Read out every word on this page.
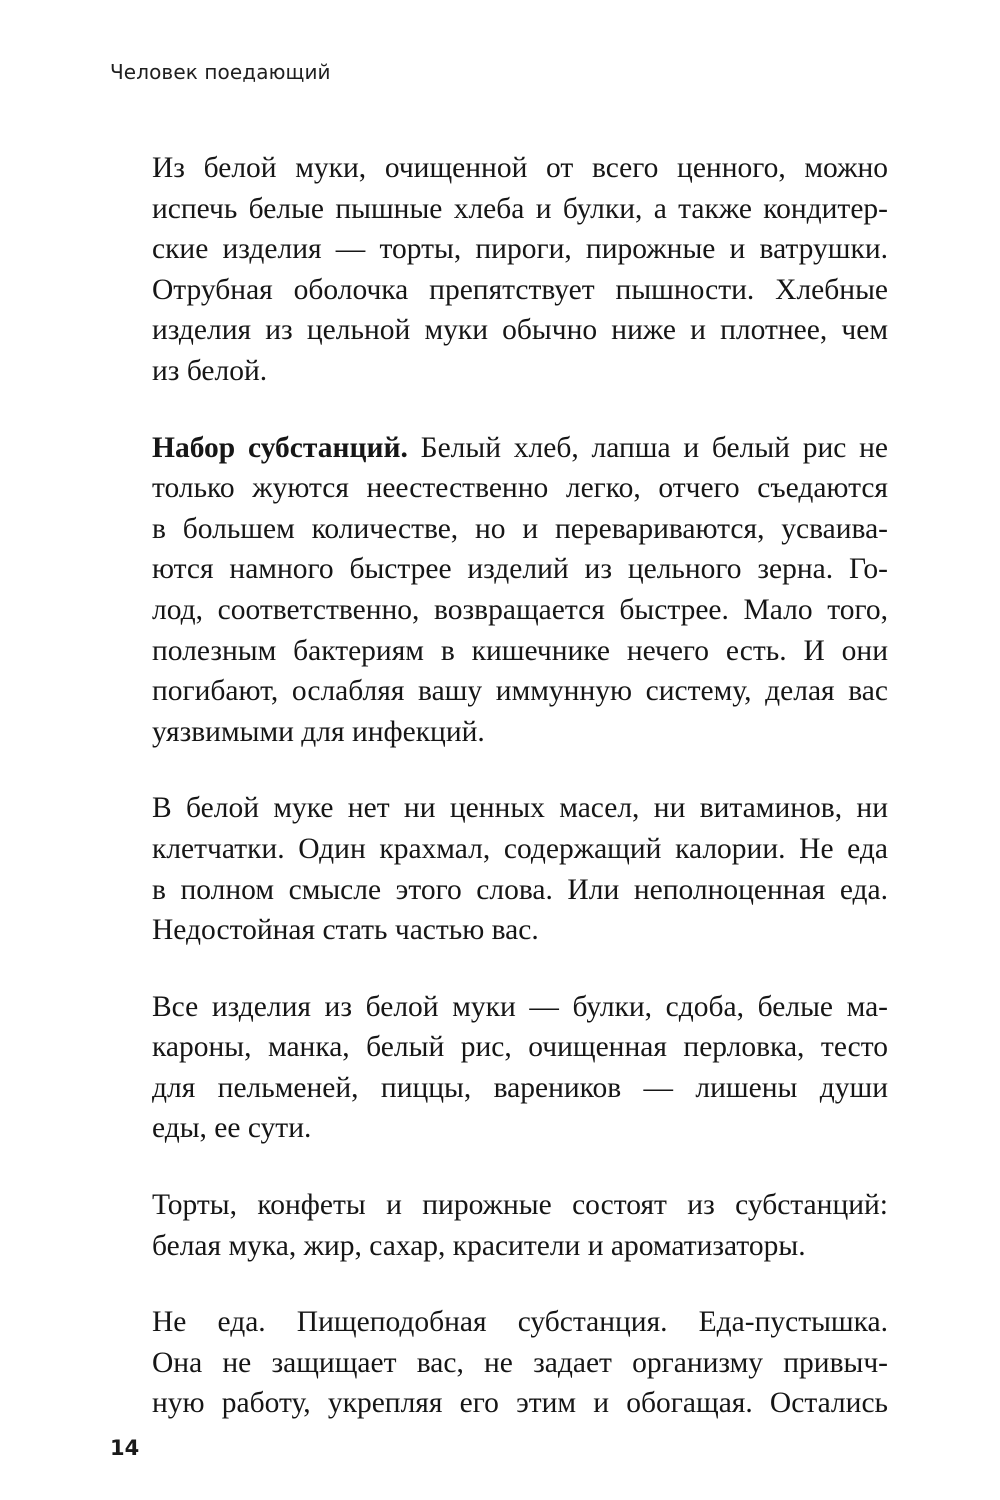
Человек поедающий

Из белой муки, очищенной от всего ценного, можно
испечь белые пышные хлеба и булки, а также кондитер-
ские изделия — торты, пироги, пирожные и ватрушки.
Отрубная оболочка препятствует пышности. Хлебные
изделия из цельной муки обычно ниже и плотнее, чем
из белой.

Набор субстанций. Белый хлеб, лапша и белый рис не
только жуются неестественно легко, отчего съедаются
в большем количестве, но и перевариваются, усваива-
ются намного быстрее изделий из цельного зерна. Го-
лод, соответственно, возвращается быстрее. Мало того,
полезным бактериям в кишечнике нечего есть. И они
погибают, ослабляя вашу иммунную систему, делая вас
уязвимыми для инфекций.

В белой муке нет ни ценных масел, ни витаминов, ни
клетчатки. Один крахмал, содержащий калории. Не еда
в полном смысле этого слова. Или неполноценная еда.
Недостойная стать частью вас.

Все изделия из белой муки — булки, сдоба, белые ма-
кароны, манка, белый рис, очищенная перловка, тесто
для пельменей, пиццы, вареников — лишены души
еды, ее сути.

Торты, конфеты и пирожные состоят из субстанций:
белая мука, жир, сахар, красители и ароматизаторы.

Не еда. Пищеподобная субстанция. Еда-пустышка.
Она не защищает вас, не задает организму привыч-
ную работу, укрепляя его этим и обогащая. Остались

14
